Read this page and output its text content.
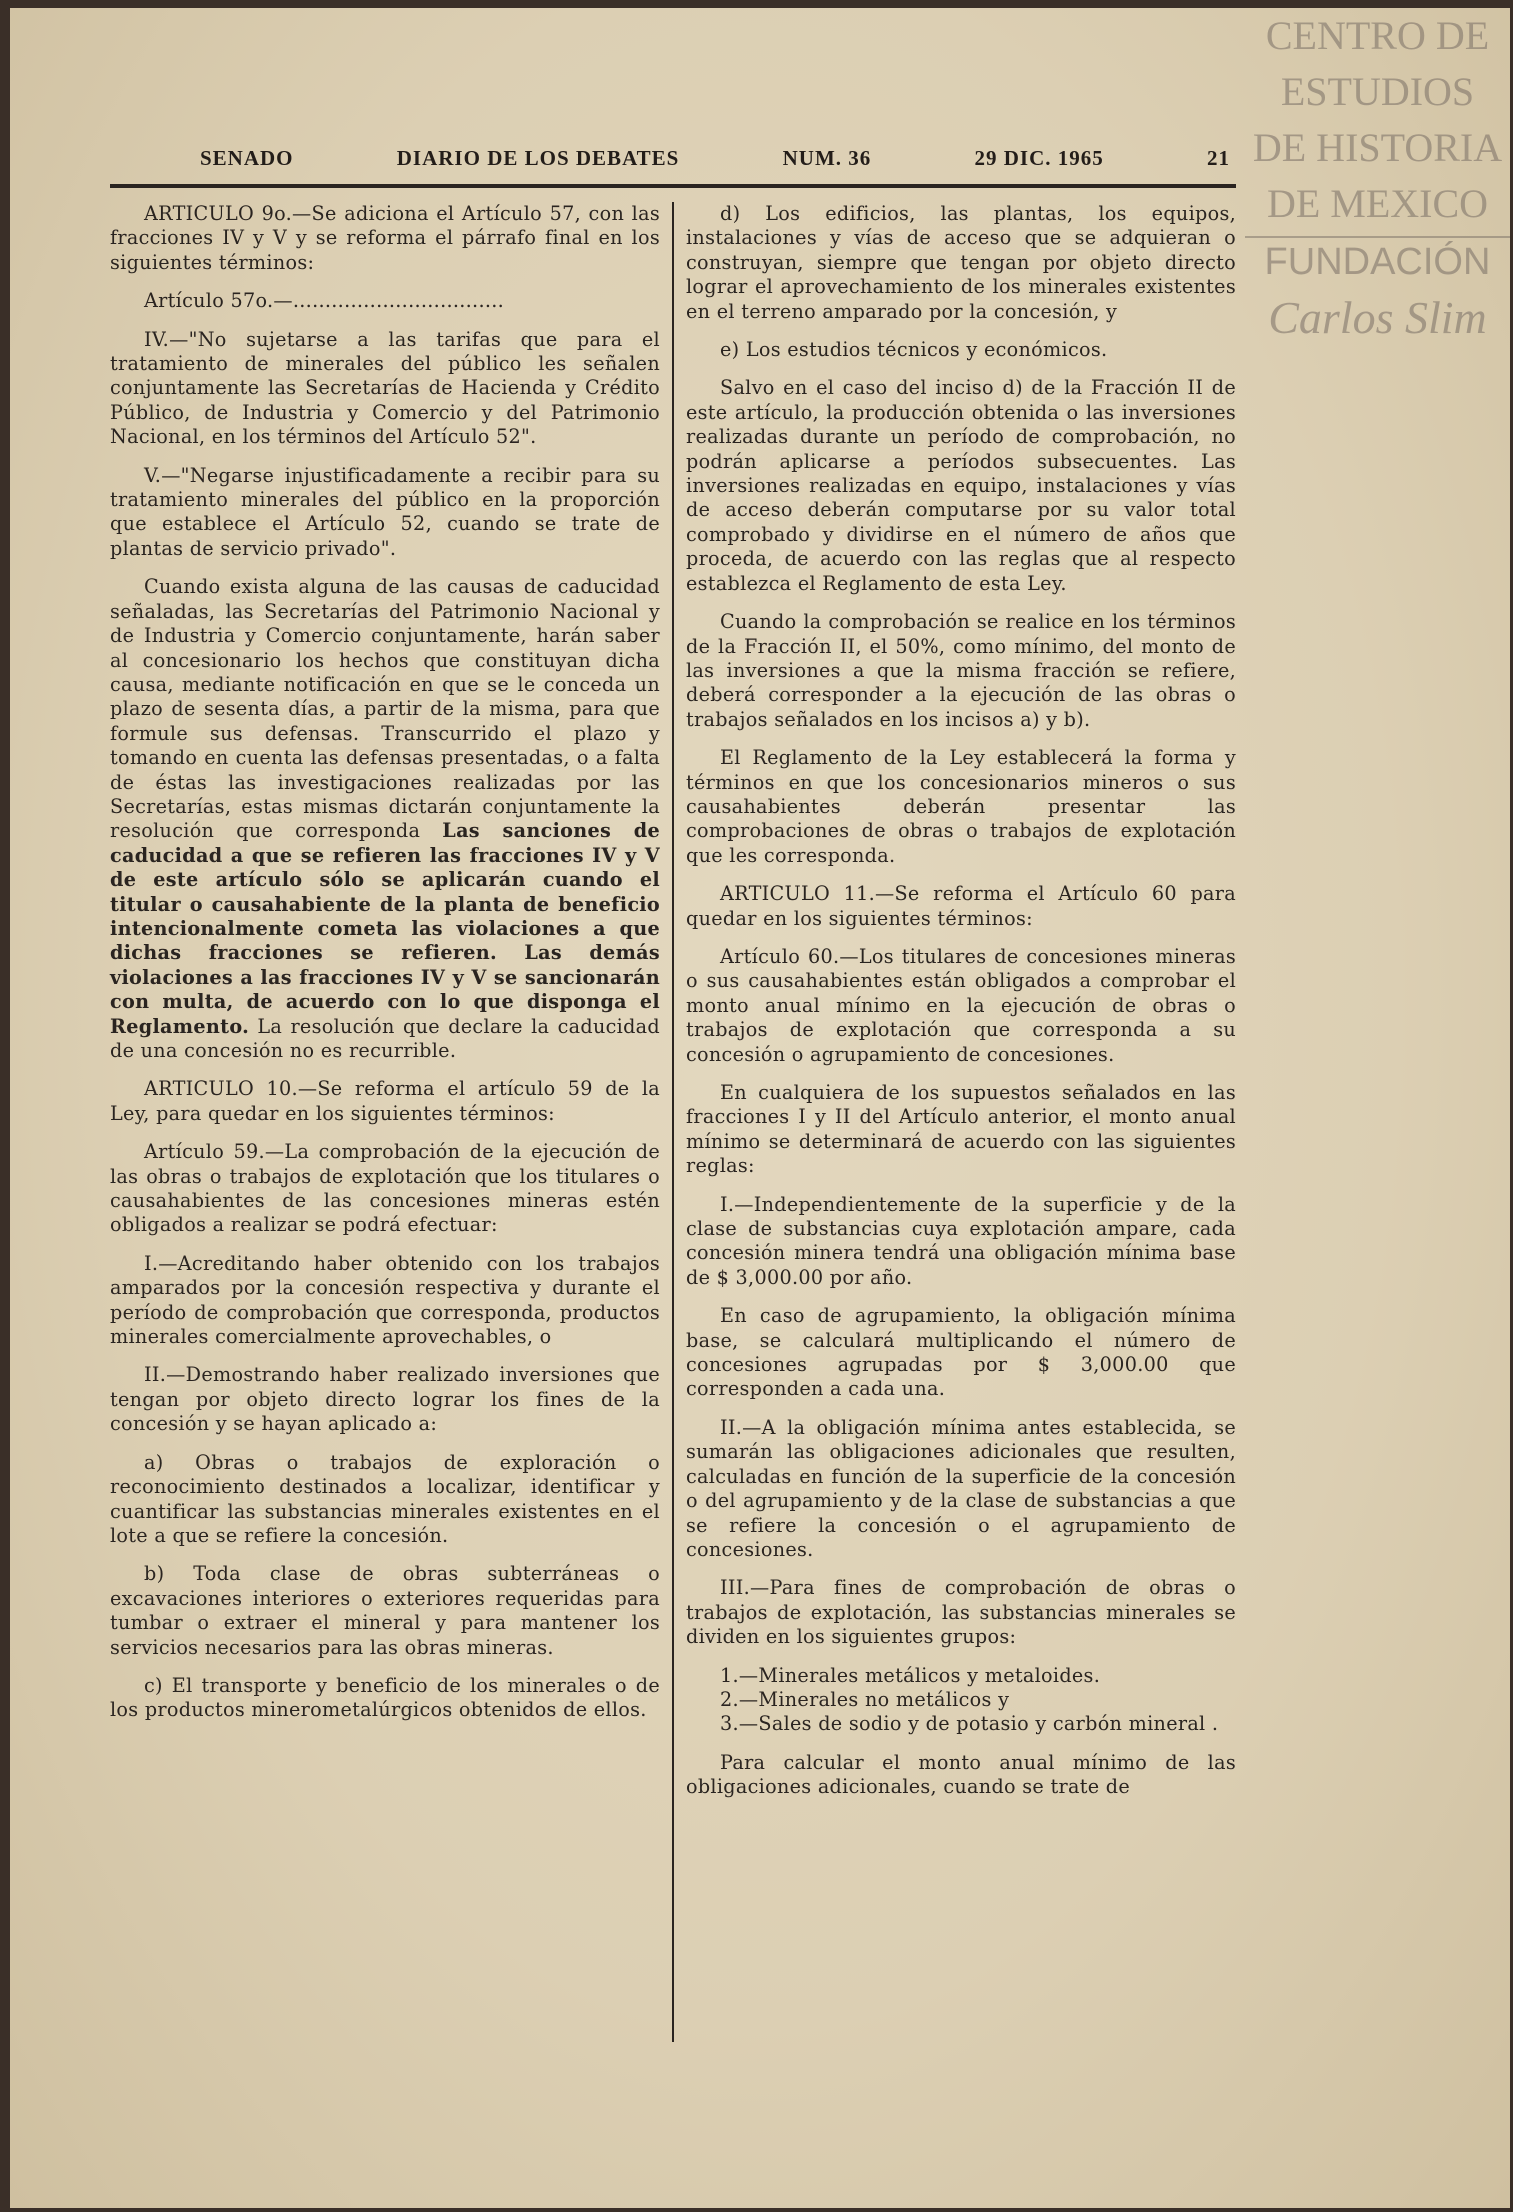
CENTRO DE
ESTUDIOS
DE HISTORIA
DE MEXICO
FUNDACIÓN
Carlos Slim
SENADO	DIARIO DE LOS DEBATES	NUM. 36	29 DIC. 1965	21

ARTICULO 9o.—Se adiciona el Artículo 57, con las fracciones IV y V y se reforma el párrafo final en los siguientes términos:

Artículo 57o.—.................................

IV.—"No sujetarse a las tarifas que para el tratamiento de minerales del público les señalen conjuntamente las Secretarías de Hacienda y Crédito Público, de Industria y Comercio y del Patrimonio Nacional, en los términos del Artículo 52".

V.—"Negarse injustificadamente a recibir para su tratamiento minerales del público en la proporción que establece el Artículo 52, cuando se trate de plantas de servicio privado".

Cuando exista alguna de las causas de caducidad señaladas, las Secretarías del Patrimonio Nacional y de Industria y Comercio conjuntamente, harán saber al concesionario los hechos que constituyan dicha causa, mediante notificación en que se le conceda un plazo de sesenta días, a partir de la misma, para que formule sus defensas. Transcurrido el plazo y tomando en cuenta las defensas presentadas, o a falta de éstas las investigaciones realizadas por las Secretarías, estas mismas dictarán conjuntamente la resolución que corresponda Las sanciones de caducidad a que se refieren las fracciones IV y V de este artículo sólo se aplicarán cuando el titular o causahabiente de la planta de beneficio intencionalmente cometa las violaciones a que dichas fracciones se refieren. Las demás violaciones a las fracciones IV y V se sancionarán con multa, de acuerdo con lo que disponga el Reglamento. La resolución que declare la caducidad de una concesión no es recurrible.

ARTICULO 10.—Se reforma el artículo 59 de la Ley, para quedar en los siguientes términos:

Artículo 59.—La comprobación de la ejecución de las obras o trabajos de explotación que los titulares o causahabientes de las concesiones mineras estén obligados a realizar se podrá efectuar:

I.—Acreditando haber obtenido con los trabajos amparados por la concesión respectiva y durante el período de comprobación que corresponda, productos minerales comercialmente aprovechables, o

II.—Demostrando haber realizado inversiones que tengan por objeto directo lograr los fines de la concesión y se hayan aplicado a:

a) Obras o trabajos de exploración o reconocimiento destinados a localizar, identificar y cuantificar las substancias minerales existentes en el lote a que se refiere la concesión.

b) Toda clase de obras subterráneas o excavaciones interiores o exteriores requeridas para tumbar o extraer el mineral y para mantener los servicios necesarios para las obras mineras.

c) El transporte y beneficio de los minerales o de los productos minerometalúrgicos obtenidos de ellos.

d) Los edificios, las plantas, los equipos, instalaciones y vías de acceso que se adquieran o construyan, siempre que tengan por objeto directo lograr el aprovechamiento de los minerales existentes en el terreno amparado por la concesión, y

e) Los estudios técnicos y económicos.

Salvo en el caso del inciso d) de la Fracción II de este artículo, la producción obtenida o las inversiones realizadas durante un período de comprobación, no podrán aplicarse a períodos subsecuentes. Las inversiones realizadas en equipo, instalaciones y vías de acceso deberán computarse por su valor total comprobado y dividirse en el número de años que proceda, de acuerdo con las reglas que al respecto establezca el Reglamento de esta Ley.

Cuando la comprobación se realice en los términos de la Fracción II, el 50%, como mínimo, del monto de las inversiones a que la misma fracción se refiere, deberá corresponder a la ejecución de las obras o trabajos señalados en los incisos a) y b).

El Reglamento de la Ley establecerá la forma y términos en que los concesionarios mineros o sus causahabientes deberán presentar las comprobaciones de obras o trabajos de explotación que les corresponda.

ARTICULO 11.—Se reforma el Artículo 60 para quedar en los siguientes términos:

Artículo 60.—Los titulares de concesiones mineras o sus causahabientes están obligados a comprobar el monto anual mínimo en la ejecución de obras o trabajos de explotación que corresponda a su concesión o agrupamiento de concesiones.

En cualquiera de los supuestos señalados en las fracciones I y II del Artículo anterior, el monto anual mínimo se determinará de acuerdo con las siguientes reglas:

I.—Independientemente de la superficie y de la clase de substancias cuya explotación ampare, cada concesión minera tendrá una obligación mínima base de $ 3,000.00 por año.

En caso de agrupamiento, la obligación mínima base, se calculará multiplicando el número de concesiones agrupadas por $ 3,000.00 que corresponden a cada una.

II.—A la obligación mínima antes establecida, se sumarán las obligaciones adicionales que resulten, calculadas en función de la superficie de la concesión o del agrupamiento y de la clase de substancias a que se refiere la concesión o el agrupamiento de concesiones.

III.—Para fines de comprobación de obras o trabajos de explotación, las substancias minerales se dividen en los siguientes grupos:

1.—Minerales metálicos y metaloides.

2.—Minerales no metálicos y

3.—Sales de sodio y de potasio y carbón mineral .

Para calcular el monto anual mínimo de las obligaciones adicionales, cuando se trate de
